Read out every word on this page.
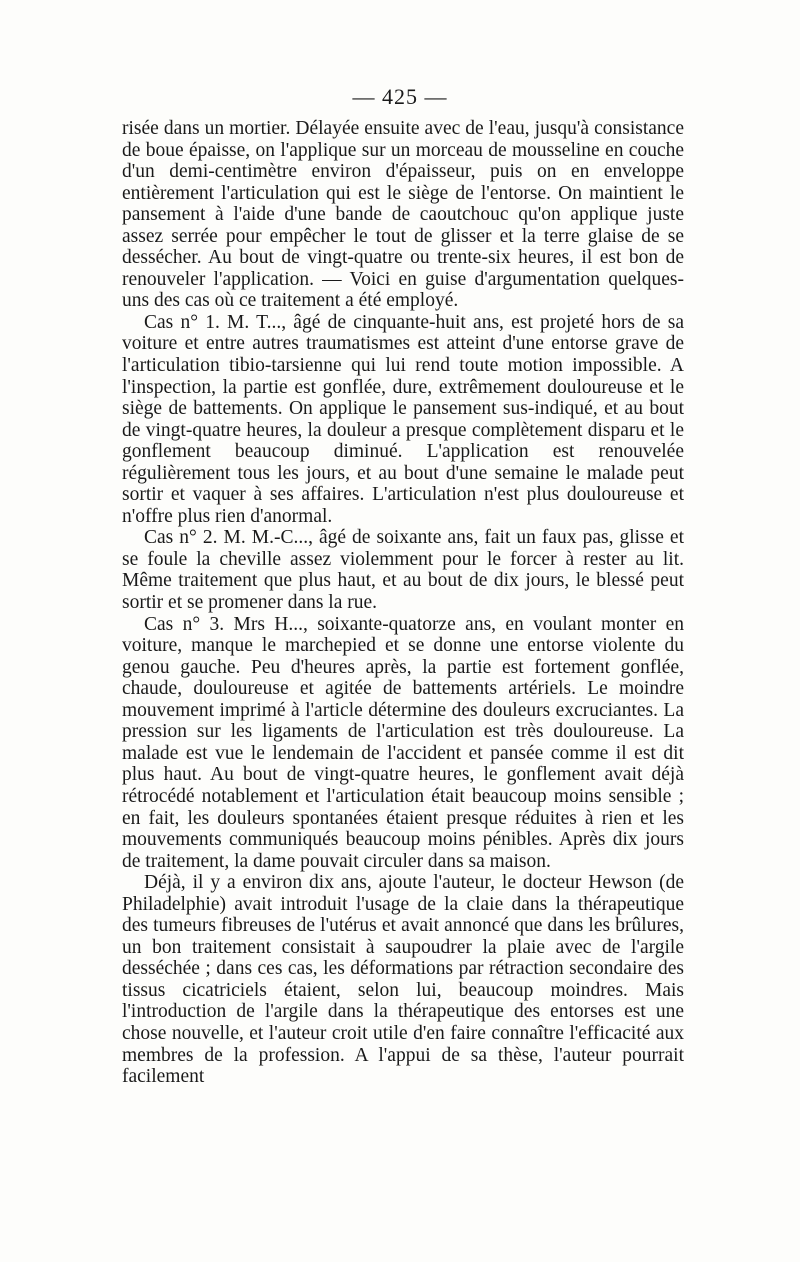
— 425 —

risée dans un mortier. Délayée ensuite avec de l'eau, jusqu'à consistance de boue épaisse, on l'applique sur un morceau de mousseline en couche d'un demi-centimètre environ d'épaisseur, puis on en enveloppe entièrement l'articulation qui est le siège de l'entorse. On maintient le pansement à l'aide d'une bande de caoutchouc qu'on applique juste assez serrée pour empêcher le tout de glisser et la terre glaise de se dessécher. Au bout de vingt-quatre ou trente-six heures, il est bon de renouveler l'application. — Voici en guise d'argumentation quelques-uns des cas où ce traitement a été employé.

Cas n° 1. M. T..., âgé de cinquante-huit ans, est projeté hors de sa voiture et entre autres traumatismes est atteint d'une entorse grave de l'articulation tibio-tarsienne qui lui rend toute motion impossible. A l'inspection, la partie est gonflée, dure, extrêmement douloureuse et le siège de battements. On applique le pansement sus-indiqué, et au bout de vingt-quatre heures, la douleur a presque complètement disparu et le gonflement beaucoup diminué. L'application est renouvelée régulièrement tous les jours, et au bout d'une semaine le malade peut sortir et vaquer à ses affaires. L'articulation n'est plus douloureuse et n'offre plus rien d'anormal.

Cas n° 2. M. M.-C..., âgé de soixante ans, fait un faux pas, glisse et se foule la cheville assez violemment pour le forcer à rester au lit. Même traitement que plus haut, et au bout de dix jours, le blessé peut sortir et se promener dans la rue.

Cas n° 3. Mrs H..., soixante-quatorze ans, en voulant monter en voiture, manque le marchepied et se donne une entorse violente du genou gauche. Peu d'heures après, la partie est fortement gonflée, chaude, douloureuse et agitée de battements artériels. Le moindre mouvement imprimé à l'article détermine des douleurs excruciantes. La pression sur les ligaments de l'articulation est très douloureuse. La malade est vue le lendemain de l'accident et pansée comme il est dit plus haut. Au bout de vingt-quatre heures, le gonflement avait déjà rétrocédé notablement et l'articulation était beaucoup moins sensible ; en fait, les douleurs spontanées étaient presque réduites à rien et les mouvements communiqués beaucoup moins pénibles. Après dix jours de traitement, la dame pouvait circuler dans sa maison.

Déjà, il y a environ dix ans, ajoute l'auteur, le docteur Hewson (de Philadelphie) avait introduit l'usage de la claie dans la thérapeutique des tumeurs fibreuses de l'utérus et avait annoncé que dans les brûlures, un bon traitement consistait à saupoudrer la plaie avec de l'argile desséchée ; dans ces cas, les déformations par rétraction secondaire des tissus cicatriciels étaient, selon lui, beaucoup moindres. Mais l'introduction de l'argile dans la thérapeutique des entorses est une chose nouvelle, et l'auteur croit utile d'en faire connaître l'efficacité aux membres de la profession. A l'appui de sa thèse, l'auteur pourrait facilement
